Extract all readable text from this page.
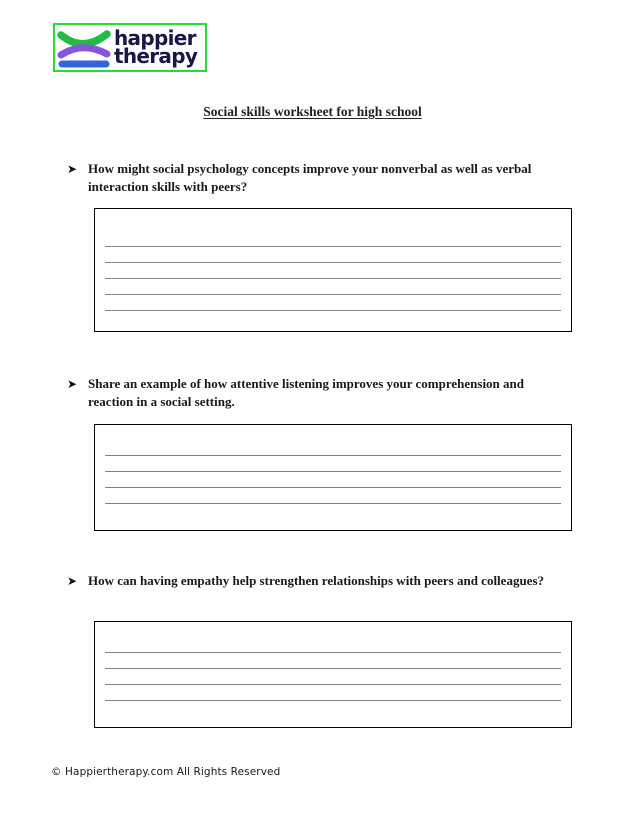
happier
therapy
Social skills worksheet for high school
➤ How might social psychology concepts improve your nonverbal as well as verbal interaction skills with peers?
➤ Share an example of how attentive listening improves your comprehension and reaction in a social setting.
➤ How can having empathy help strengthen relationships with peers and colleagues?
© Happiertherapy.com All Rights Reserved
